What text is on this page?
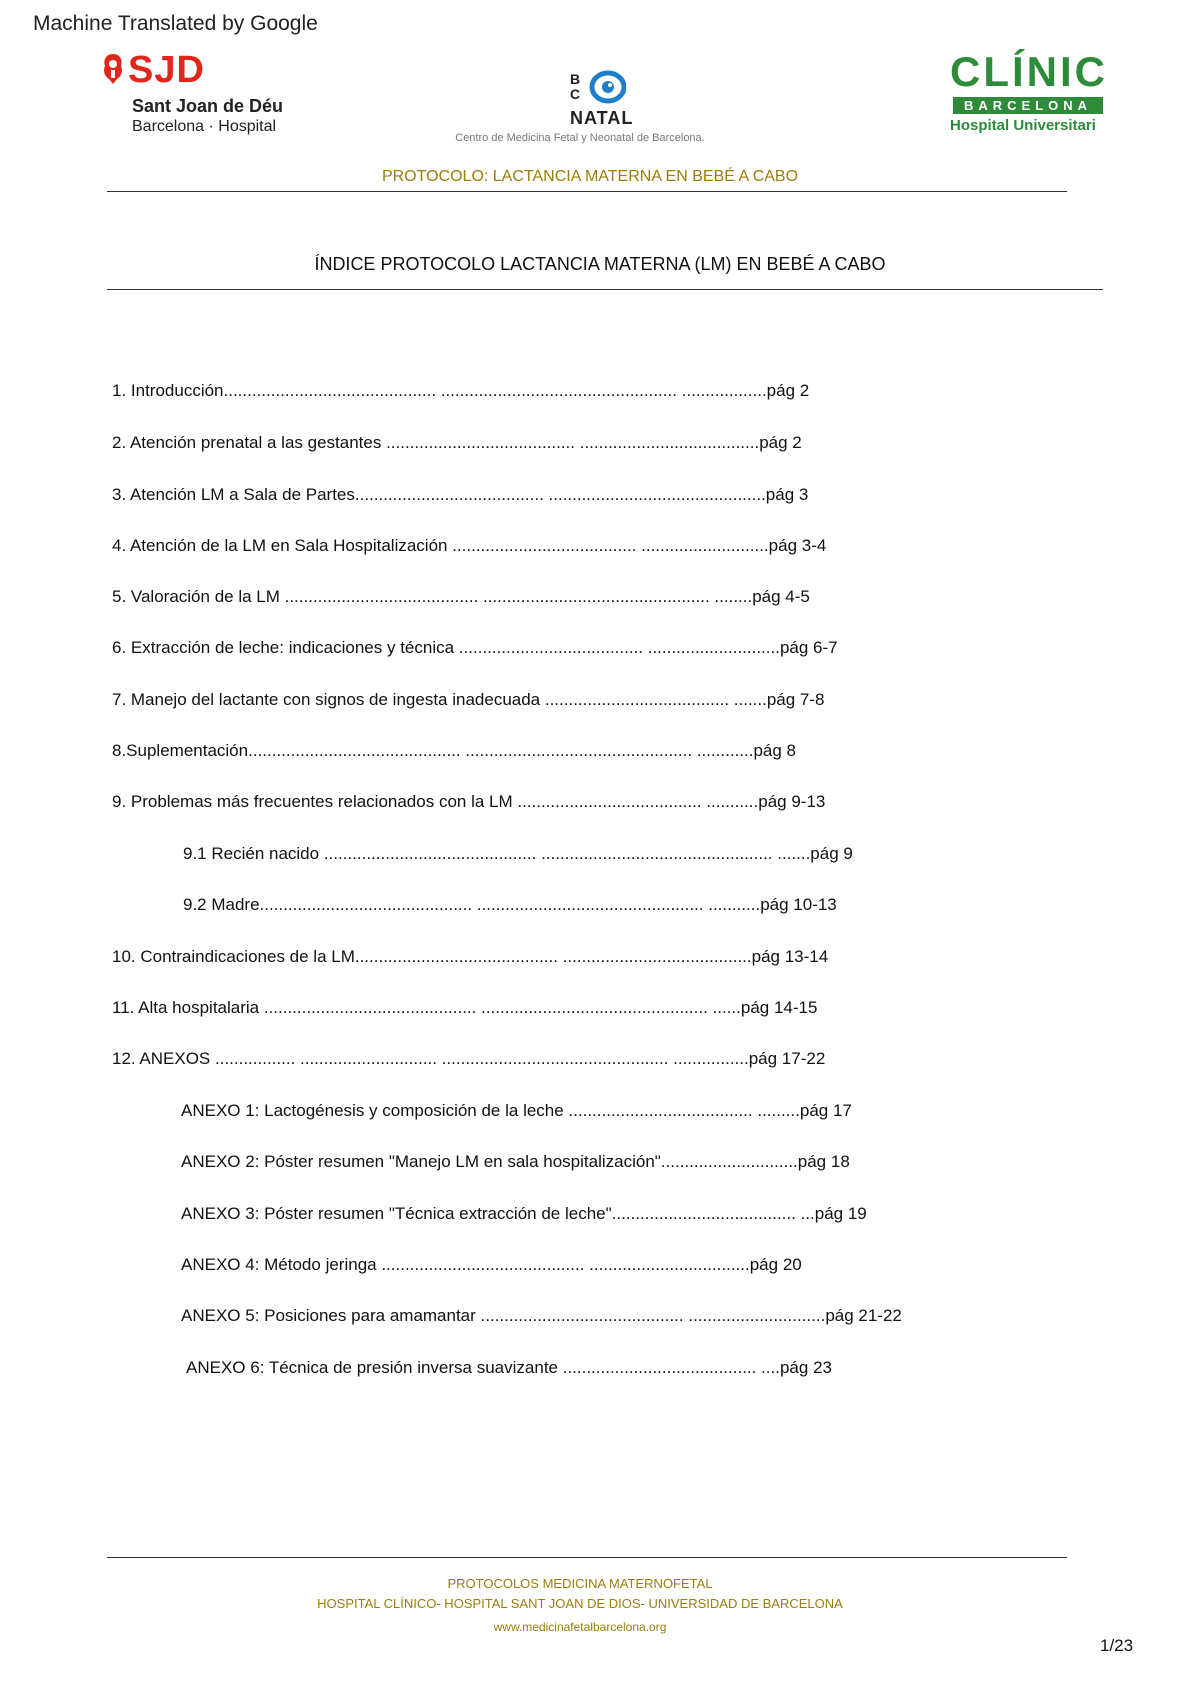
Machine Translated by Google
SJD
Sant Joan de Déu
Barcelona · Hospital
B C
NATAL
Centro de Medicina Fetal y Neonatal de Barcelona.
CLÍNIC
BARCELONA
Hospital Universitari
PROTOCOLO: LACTANCIA MATERNA EN BEBÉ A CABO
ÍNDICE PROTOCOLO LACTANCIA MATERNA (LM) EN BEBÉ A CABO
1. Introducción............................................. .................................................. ..................pág 2
2. Atención prenatal a las gestantes ........................................ ......................................pág 2
3. Atención LM a Sala de Partes........................................ ..............................................pág 3
4. Atención de la LM en Sala Hospitalización ....................................... ...........................pág 3-4
5. Valoración de la LM ......................................... ................................................ ........pág 4-5
6. Extracción de leche: indicaciones y técnica ....................................... ............................pág 6-7
7. Manejo del lactante con signos de ingesta inadecuada ....................................... .......pág 7-8
8.Suplementación............................................. ................................................ ............pág 8
9. Problemas más frecuentes relacionados con la LM ....................................... ...........pág 9-13
9.1 Recién nacido ............................................. ................................................. .......pág 9
9.2 Madre............................................. ................................................ ...........pág 10-13
10. Contraindicaciones de la LM........................................... ........................................pág 13-14
11. Alta hospitalaria ............................................. ................................................ ......pág 14-15
12. ANEXOS ................. ............................. ................................................ ................pág 17-22
ANEXO 1: Lactogénesis y composición de la leche ....................................... .........pág 17
ANEXO 2: Póster resumen "Manejo LM en sala hospitalización".............................pág 18
ANEXO 3: Póster resumen "Técnica extracción de leche"....................................... ...pág 19
ANEXO 4: Método jeringa ........................................... ..................................pág 20
ANEXO 5: Posiciones para amamantar ........................................... .............................pág 21-22
ANEXO 6: Técnica de presión inversa suavizante ......................................... ....pág 23
PROTOCOLOS MEDICINA MATERNOFETAL
HOSPITAL CLÍNICO- HOSPITAL SANT JOAN DE DIOS- UNIVERSIDAD DE BARCELONA
www.medicinafetalbarcelona.org
1/23
